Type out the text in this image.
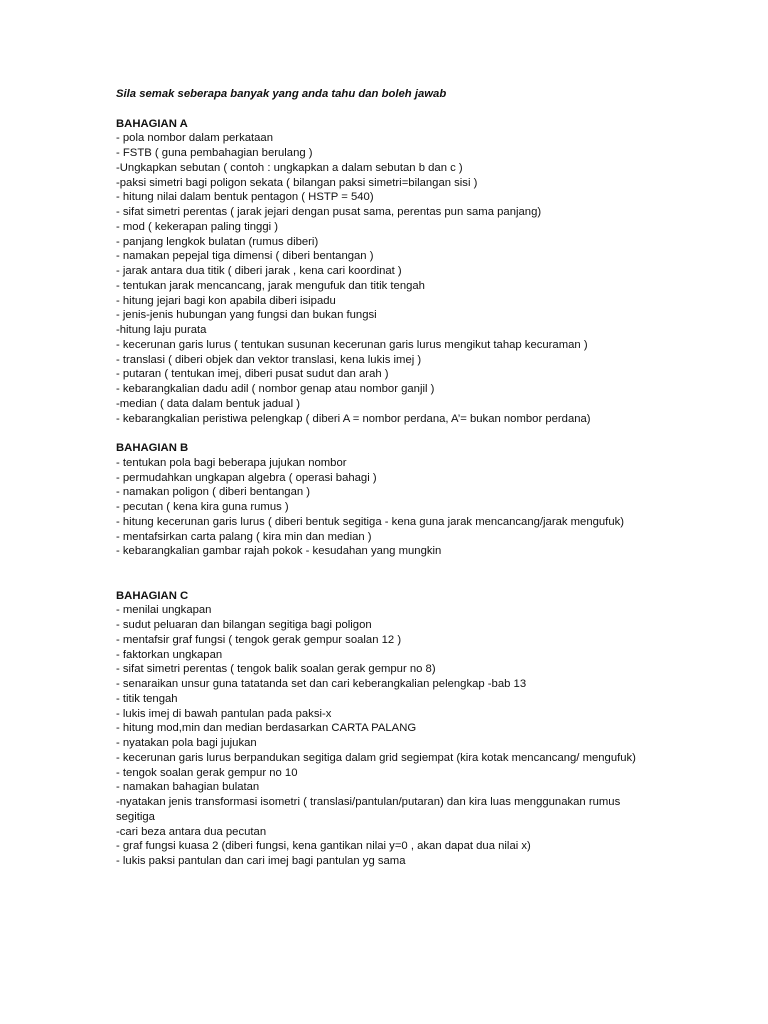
Sila semak seberapa banyak yang anda tahu dan boleh jawab
BAHAGIAN A
- pola nombor dalam perkataan
- FSTB ( guna pembahagian berulang )
-Ungkapkan sebutan ( contoh : ungkapkan a dalam sebutan b dan c )
-paksi simetri bagi poligon sekata ( bilangan paksi simetri=bilangan sisi )
- hitung nilai dalam bentuk pentagon ( HSTP = 540)
- sifat simetri perentas ( jarak jejari dengan pusat sama, perentas pun sama panjang)
- mod ( kekerapan paling tinggi )
- panjang lengkok bulatan (rumus diberi)
- namakan pepejal tiga dimensi ( diberi bentangan )
- jarak antara dua titik ( diberi jarak , kena cari koordinat )
- tentukan jarak mencancang, jarak mengufuk dan titik tengah
- hitung jejari bagi kon apabila diberi isipadu
- jenis-jenis hubungan yang fungsi dan bukan fungsi
-hitung laju purata
- kecerunan garis lurus ( tentukan susunan kecerunan garis lurus mengikut tahap kecuraman )
- translasi ( diberi objek dan vektor translasi, kena lukis imej )
- putaran ( tentukan imej, diberi pusat sudut dan arah )
- kebarangkalian dadu adil ( nombor genap atau nombor ganjil )
-median ( data dalam bentuk jadual )
- kebarangkalian peristiwa pelengkap ( diberi A = nombor perdana, A’= bukan nombor perdana)
BAHAGIAN B
- tentukan pola bagi beberapa jujukan nombor
- permudahkan ungkapan algebra ( operasi bahagi )
- namakan poligon ( diberi bentangan )
- pecutan ( kena kira guna rumus )
- hitung kecerunan garis lurus ( diberi bentuk segitiga - kena guna jarak mencancang/jarak mengufuk)
- mentafsirkan carta palang ( kira min dan median )
- kebarangkalian gambar rajah pokok - kesudahan yang mungkin
BAHAGIAN C
- menilai ungkapan
- sudut peluaran dan bilangan segitiga bagi poligon
- mentafsir graf fungsi ( tengok gerak gempur soalan 12 )
- faktorkan ungkapan
- sifat simetri perentas ( tengok balik soalan gerak gempur no 8)
- senaraikan unsur guna tatatanda set dan cari keberangkalian pelengkap -bab 13
- titik tengah
- lukis imej di bawah pantulan pada paksi-x
- hitung mod,min dan median berdasarkan CARTA PALANG
- nyatakan pola bagi jujukan
- kecerunan garis lurus berpandukan segitiga dalam grid segiempat (kira kotak mencancang/ mengufuk)
- tengok soalan gerak gempur no 10
- namakan bahagian bulatan
-nyatakan jenis transformasi isometri ( translasi/pantulan/putaran) dan kira luas menggunakan rumus segitiga
-cari beza antara dua pecutan
- graf fungsi kuasa 2 (diberi fungsi, kena gantikan nilai y=0 , akan dapat dua nilai x)
- lukis paksi pantulan dan cari imej bagi pantulan yg sama
